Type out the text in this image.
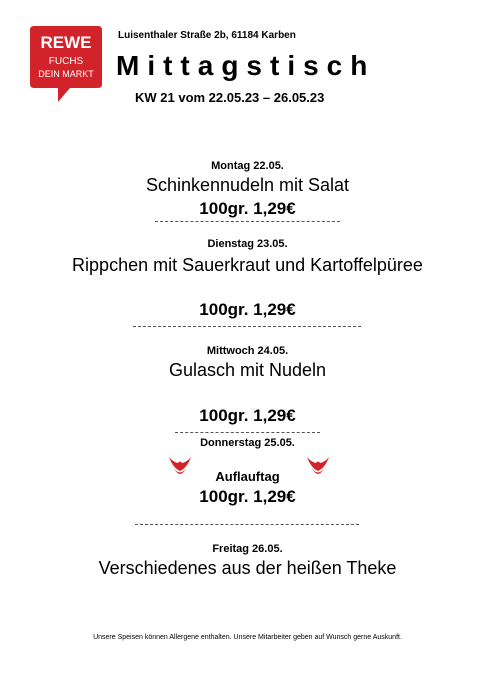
REWE
FUCHS
DEIN MARKT
Luisenthaler Straße 2b, 61184 Karben
Mittagstisch
KW 21 vom 22.05.23 – 26.05.23
Montag 22.05.
Schinkennudeln mit Salat
100gr. 1,29€
Dienstag 23.05.
Rippchen mit Sauerkraut und Kartoffelpüree
100gr. 1,29€
Mittwoch 24.05.
Gulasch mit Nudeln
100gr. 1,29€
Donnerstag 25.05.
Auflauftag
100gr. 1,29€
Freitag 26.05.
Verschiedenes aus der heißen Theke
Unsere Speisen können Allergene enthalten. Unsere Mitarbeiter geben auf Wunsch gerne Auskunft.
